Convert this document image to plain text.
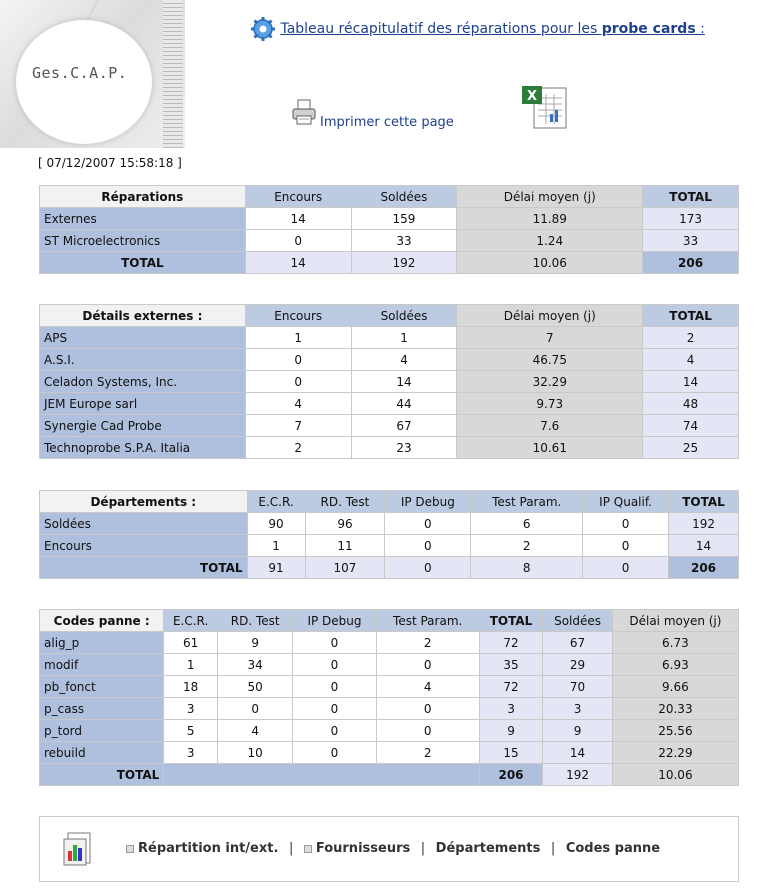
Ges.C.A.P.
Tableau récapitulatif des réparations pour les probe cards :
Imprimer cette page
X
[ 07/12/2007 15:58:18 ]
Réparations	Encours	Soldées	Délai moyen (j)	TOTAL
Externes	14	159	11.89	173
ST Microelectronics	0	33	1.24	33
TOTAL	14	192	10.06	206
Détails externes :	Encours	Soldées	Délai moyen (j)	TOTAL
APS	1	1	7	2
A.S.I.	0	4	46.75	4
Celadon Systems, Inc.	0	14	32.29	14
JEM Europe sarl	4	44	9.73	48
Synergie Cad Probe	7	67	7.6	74
Technoprobe S.P.A. Italia	2	23	10.61	25
Départements :	E.C.R.	RD. Test	IP Debug	Test Param.	IP Qualif.	TOTAL
Soldées	90	96	0	6	0	192
Encours	1	11	0	2	0	14
TOTAL	91	107	0	8	0	206
Codes panne :	E.C.R.	RD. Test	IP Debug	Test Param.	TOTAL	Soldées	Délai moyen (j)
alig_p	61	9	0	2	72	67	6.73
modif	1	34	0	0	35	29	6.93
pb_fonct	18	50	0	4	72	70	9.66
p_cass	3	0	0	0	3	3	20.33
p_tord	5	4	0	0	9	9	25.56
rebuild	3	10	0	2	15	14	22.29
TOTAL					206	192	10.06
Répartition int/ext. | Fournisseurs | Départements | Codes panne
